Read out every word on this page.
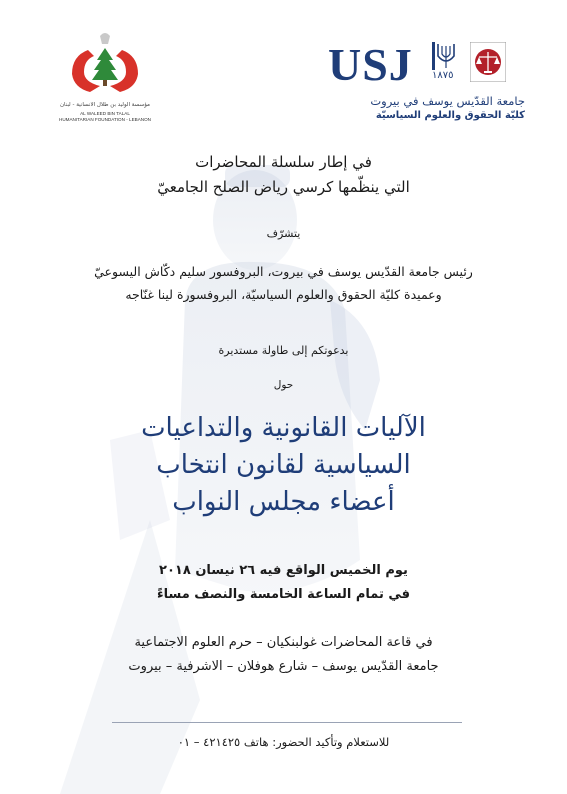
USJ ١٨٧٥
جامعة القدّيس يوسف في بيروت
كليّة الحقوق والعلوم السياسيّة
مؤسسة الوليد بن طلال الانسانية - لبنان
AL WALEED BIN TALAL
HUMANITARIAN FOUNDATION - LEBANON
في إطار سلسلة المحاضرات
التي ينظّمها كرسي رياض الصلح الجامعيّ
يتشرّف
رئيس جامعة القدّيس يوسف في بيروت، البروفسور سليم دكّاش اليسوعيّ
وعميدة كليّة الحقوق والعلوم السياسيّة، البروفسورة لينا غنّاجه
بدعوتكم إلى طاولة مستديرة
حول
الآليات القانونية والتداعيات
السياسية لقانون انتخاب
أعضاء مجلس النواب
يوم الخميس الواقع فيه ٢٦ نيسان ٢٠١٨
في تمام الساعة الخامسة والنصف مساءً
في قاعة المحاضرات غولبنكيان – حرم العلوم الاجتماعية
جامعة القدّيس يوسف – شارع هوفلان – الاشرفية – بيروت
للاستعلام وتأكيد الحضور: هاتف ٤٢١٤٢٥ – ٠١
